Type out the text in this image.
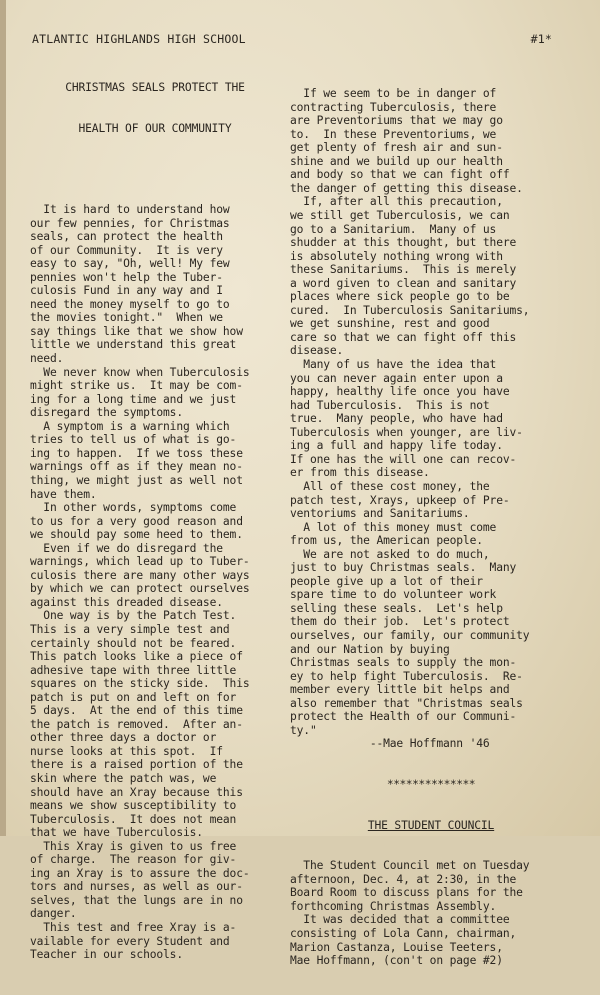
ATLANTIC HIGHLANDS HIGH SCHOOL	#1*

CHRISTMAS SEALS PROTECT THE

HEALTH OF OUR COMMUNITY

It is hard to understand how
our few pennies, for Christmas
seals, can protect the health
of our Community.  It is very
easy to say, "Oh, well! My few
pennies won't help the Tuber-
culosis Fund in any way and I
need the money myself to go to
the movies tonight."  When we
say things like that we show how
little we understand this great
need.
We never know when Tuberculosis
might strike us.  It may be com-
ing for a long time and we just
disregard the symptoms.
A symptom is a warning which
tries to tell us of what is go-
ing to happen.  If we toss these
warnings off as if they mean no-
thing, we might just as well not
have them.
In other words, symptoms come
to us for a very good reason and
we should pay some heed to them.
Even if we do disregard the
warnings, which lead up to Tuber-
culosis there are many other ways
by which we can protect ourselves
against this dreaded disease.
One way is by the Patch Test.
This is a very simple test and
certainly should not be feared.
This patch looks like a piece of
adhesive tape with three little
squares on the sticky side.  This
patch is put on and left on for
5 days.  At the end of this time
the patch is removed.  After an-
other three days a doctor or
nurse looks at this spot.  If
there is a raised portion of the
skin where the patch was, we
should have an Xray because this
means we show susceptibility to
Tuberculosis.  It does not mean
that we have Tuberculosis.
This Xray is given to us free
of charge.  The reason for giv-
ing an Xray is to assure the doc-
tors and nurses, as well as our-
selves, that the lungs are in no
danger.
This test and free Xray is a-
vailable for every Student and
Teacher in our schools.

If we seem to be in danger of
contracting Tuberculosis, there
are Preventoriums that we may go
to.  In these Preventoriums, we
get plenty of fresh air and sun-
shine and we build up our health
and body so that we can fight off
the danger of getting this disease.
If, after all this precaution,
we still get Tuberculosis, we can
go to a Sanitarium.  Many of us
shudder at this thought, but there
is absolutely nothing wrong with
these Sanitariums.  This is merely
a word given to clean and sanitary
places where sick people go to be
cured.  In Tuberculosis Sanitariums,
we get sunshine, rest and good
care so that we can fight off this
disease.
Many of us have the idea that
you can never again enter upon a
happy, healthy life once you have
had Tuberculosis.  This is not
true.  Many people, who have had
Tuberculosis when younger, are liv-
ing a full and happy life today.
If one has the will one can recov-
er from this disease.
All of these cost money, the
patch test, Xrays, upkeep of Pre-
ventoriums and Sanitariums.
A lot of this money must come
from us, the American people.
We are not asked to do much,
just to buy Christmas seals.  Many
people give up a lot of their
spare time to do volunteer work
selling these seals.  Let's help
them do their job.  Let's protect
ourselves, our family, our community
and our Nation by buying
Christmas seals to supply the mon-
ey to help fight Tuberculosis.  Re-
member every little bit helps and
also remember that "Christmas seals
protect the Health of our Communi-
ty."
--Mae Hoffmann '46

**************

THE STUDENT COUNCIL

The Student Council met on Tuesday
afternoon, Dec. 4, at 2:30, in the
Board Room to discuss plans for the
forthcoming Christmas Assembly.
It was decided that a committee
consisting of Lola Cann, chairman,
Marion Castanza, Louise Teeters,
Mae Hoffmann, (con't on page #2)
